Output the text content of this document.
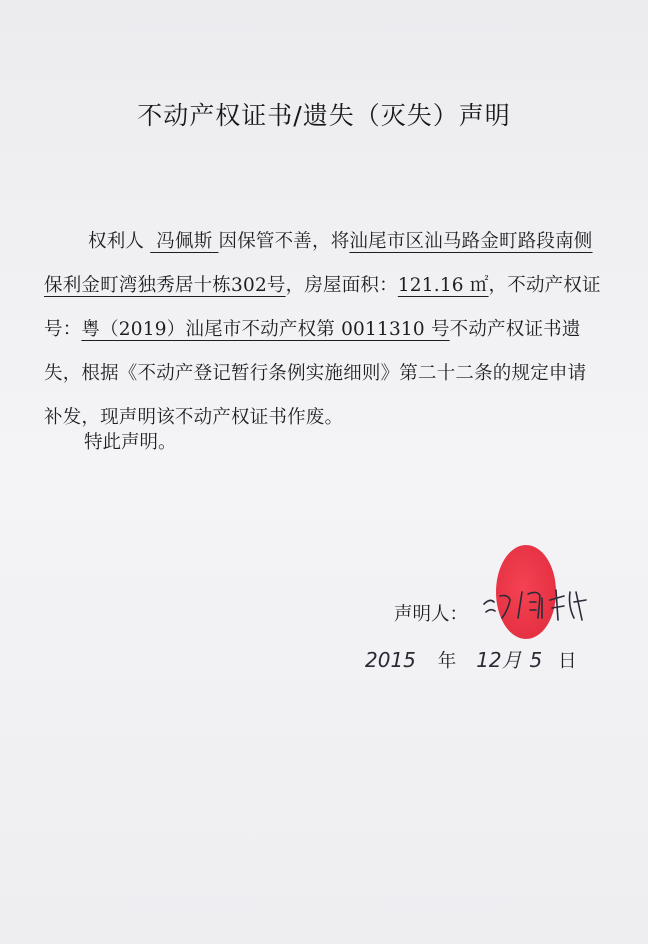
不动产权证书/遗失（灭失）声明
权利人 冯佩斯 因保管不善，将汕尾市区汕马路金町路段南侧保利金町湾独秀居十栋302号，房屋面积：121.16 ㎡，不动产权证号：粤（2019）汕尾市不动产权第 0011310 号不动产权证书遗失，根据《不动产登记暂行条例实施细则》第二十二条的规定申请补发，现声明该不动产权证书作废。
特此声明。
声明人：
2015 年 12月 5 日
